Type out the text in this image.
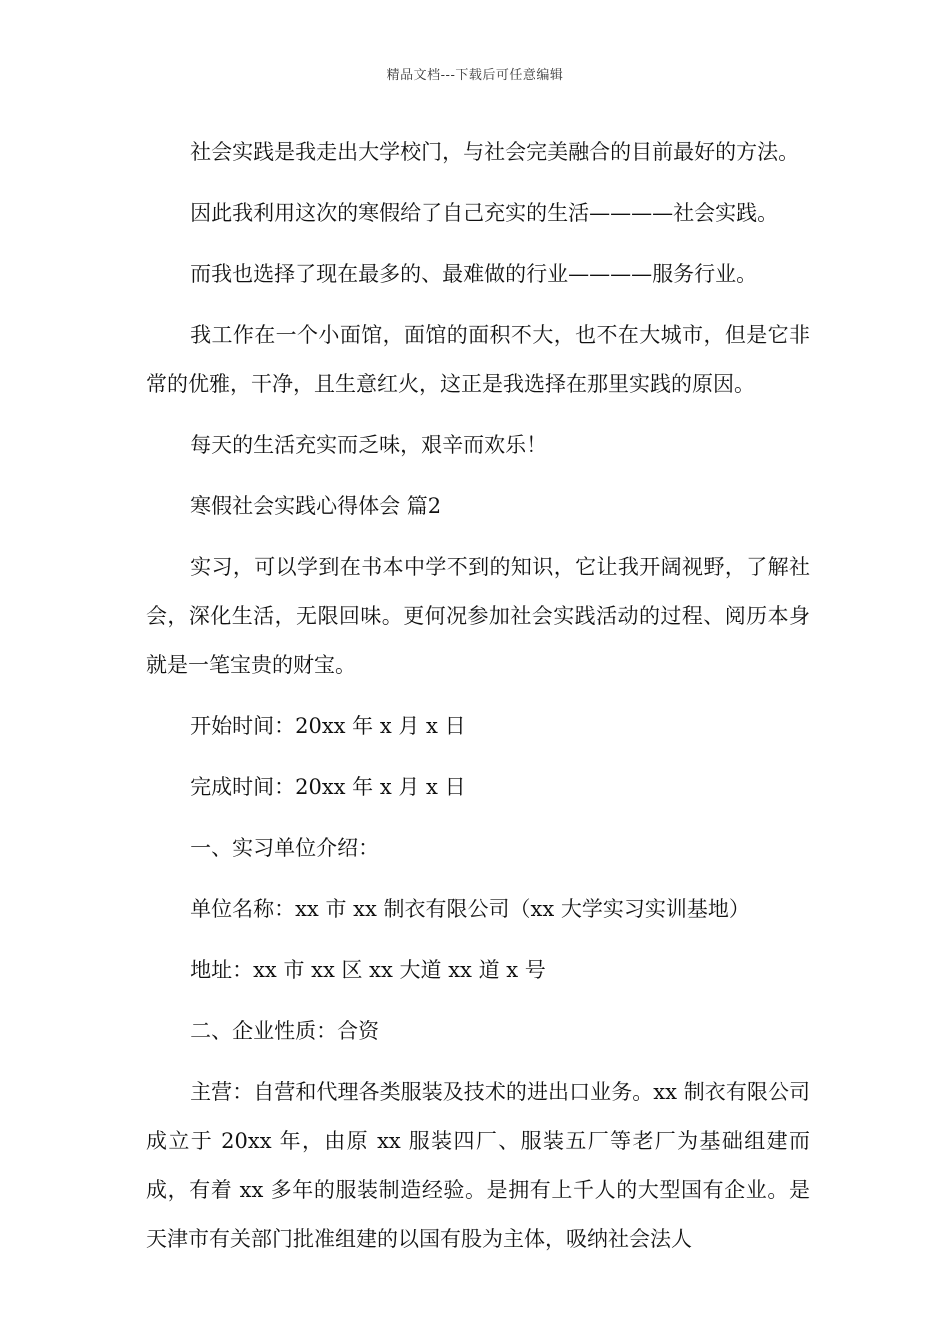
精品文档---下载后可任意编辑

社会实践是我走出大学校门，与社会完美融合的目前最好的方法。

因此我利用这次的寒假给了自己充实的生活————社会实践。

而我也选择了现在最多的、最难做的行业————服务行业。

我工作在一个小面馆，面馆的面积不大，也不在大城市，但是它非常的优雅，干净，且生意红火，这正是我选择在那里实践的原因。

每天的生活充实而乏味，艰辛而欢乐！

寒假社会实践心得体会 篇2

实习，可以学到在书本中学不到的知识，它让我开阔视野，了解社会，深化生活，无限回味。更何况参加社会实践活动的过程、阅历本身就是一笔宝贵的财宝。

开始时间：20xx 年 x 月 x 日

完成时间：20xx 年 x 月 x 日

一、实习单位介绍：

单位名称：xx 市 xx 制衣有限公司（xx 大学实习实训基地）

地址：xx 市 xx 区 xx 大道 xx 道 x 号

二、企业性质：合资

主营：自营和代理各类服装及技术的进出口业务。xx 制衣有限公司成立于 20xx 年，由原 xx 服装四厂、服装五厂等老厂为基础组建而成，有着 xx 多年的服装制造经验。是拥有上千人的大型国有企业。是天津市有关部门批准组建的以国有股为主体，吸纳社会法人
